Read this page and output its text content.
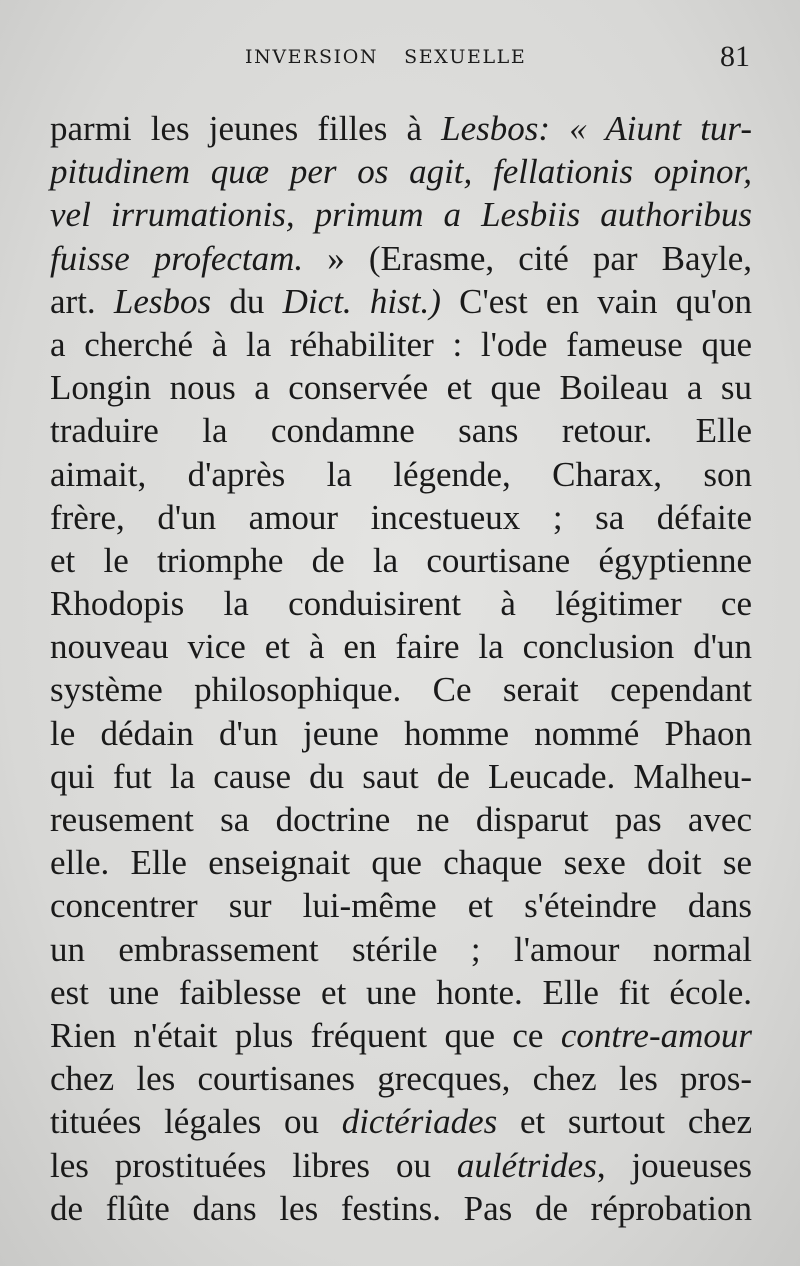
INVERSION SEXUELLE	81
parmi les jeunes filles à Lesbos: « Aiunt tur-
pitudinem quæ per os agit, fellationis opinor,
vel irrumationis, primum a Lesbiis authoribus
fuisse profectam. » (Erasme, cité par Bayle,
art. Lesbos du Dict. hist.) C'est en vain qu'on
a cherché à la réhabiliter : l'ode fameuse que
Longin nous a conservée et que Boileau a su
traduire la condamne sans retour. Elle
aimait, d'après la légende, Charax, son
frère, d'un amour incestueux ; sa défaite
et le triomphe de la courtisane égyptienne
Rhodopis la conduisirent à légitimer ce
nouveau vice et à en faire la conclusion d'un
système philosophique. Ce serait cependant
le dédain d'un jeune homme nommé Phaon
qui fut la cause du saut de Leucade. Malheu-
reusement sa doctrine ne disparut pas avec
elle. Elle enseignait que chaque sexe doit se
concentrer sur lui-même et s'éteindre dans
un embrassement stérile ; l'amour normal
est une faiblesse et une honte. Elle fit école.
Rien n'était plus fréquent que ce contre-amour
chez les courtisanes grecques, chez les pros-
tituées légales ou dictériades et surtout chez
les prostituées libres ou aulétrides, joueuses
de flûte dans les festins. Pas de réprobation
